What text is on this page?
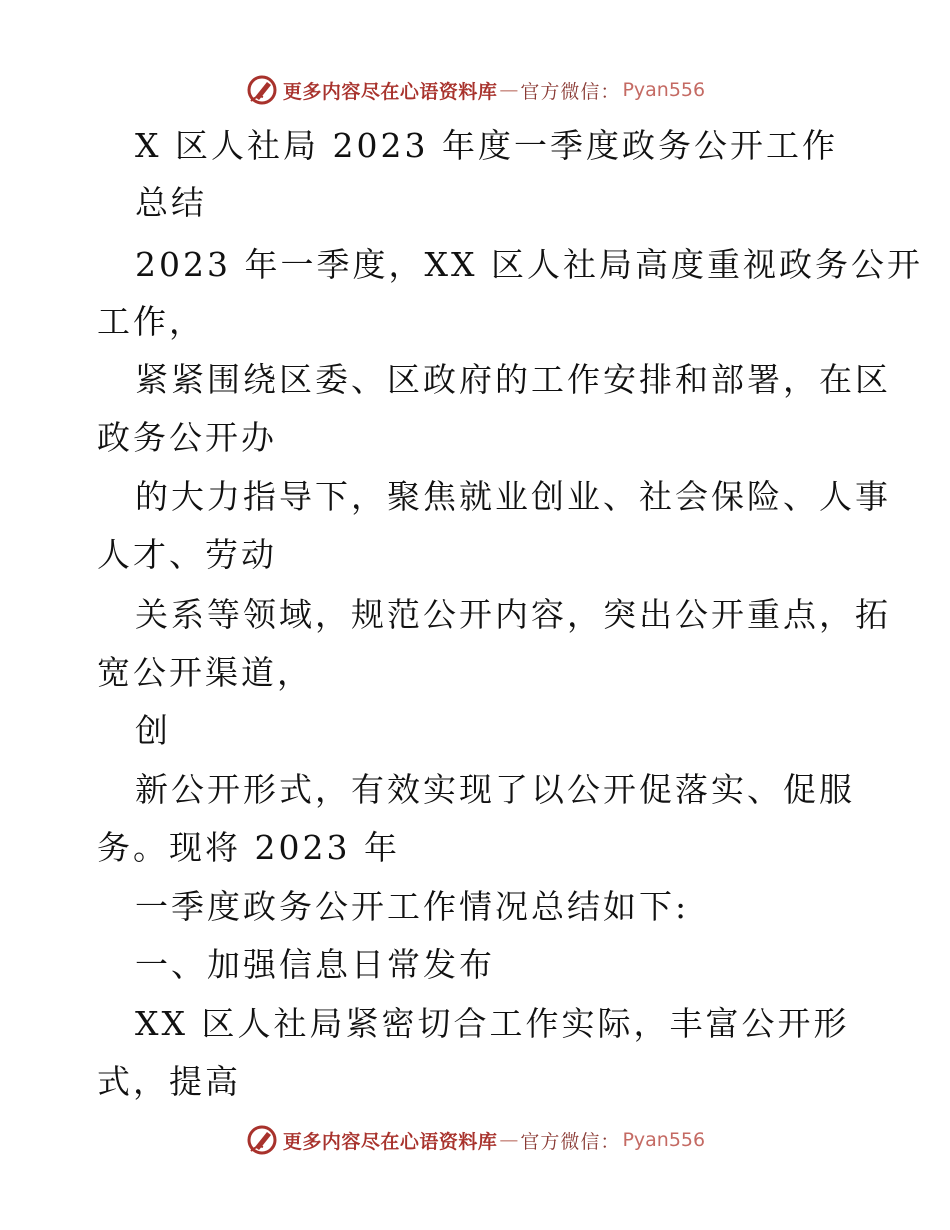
更多内容尽在心语资料库 — 官方微信： Pyan556
X 区人社局 2023 年度一季度政务公开工作
总结
2023 年一季度，XX 区人社局高度重视政务公开
工作，
紧紧围绕区委、区政府的工作安排和部署，在区
政务公开办
的大力指导下，聚焦就业创业、社会保险、人事
人才、劳动
关系等领域，规范公开内容，突出公开重点，拓
宽公开渠道，
创
新公开形式，有效实现了以公开促落实、促服
务。现将 2023 年
一季度政务公开工作情况总结如下:
一、加强信息日常发布
XX 区人社局紧密切合工作实际，丰富公开形
式，提高
更多内容尽在心语资料库 — 官方微信： Pyan556
